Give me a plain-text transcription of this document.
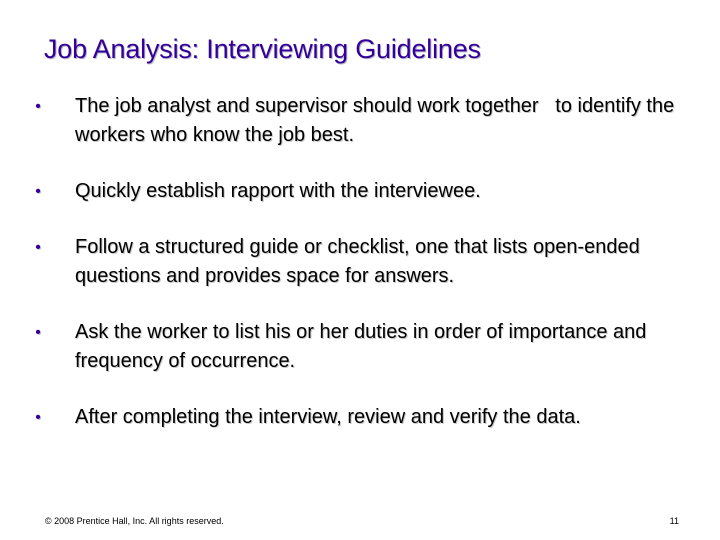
Job Analysis: Interviewing Guidelines
•	The job analyst and supervisor should work together   to identify the workers who know the job best.
•	Quickly establish rapport with the interviewee.
•	Follow a structured guide or checklist, one that lists open-ended questions and provides space for answers.
•	Ask the worker to list his or her duties in order of importance and frequency of occurrence.
•	After completing the interview, review and verify the data.
© 2008 Prentice Hall, Inc. All rights reserved.	11
